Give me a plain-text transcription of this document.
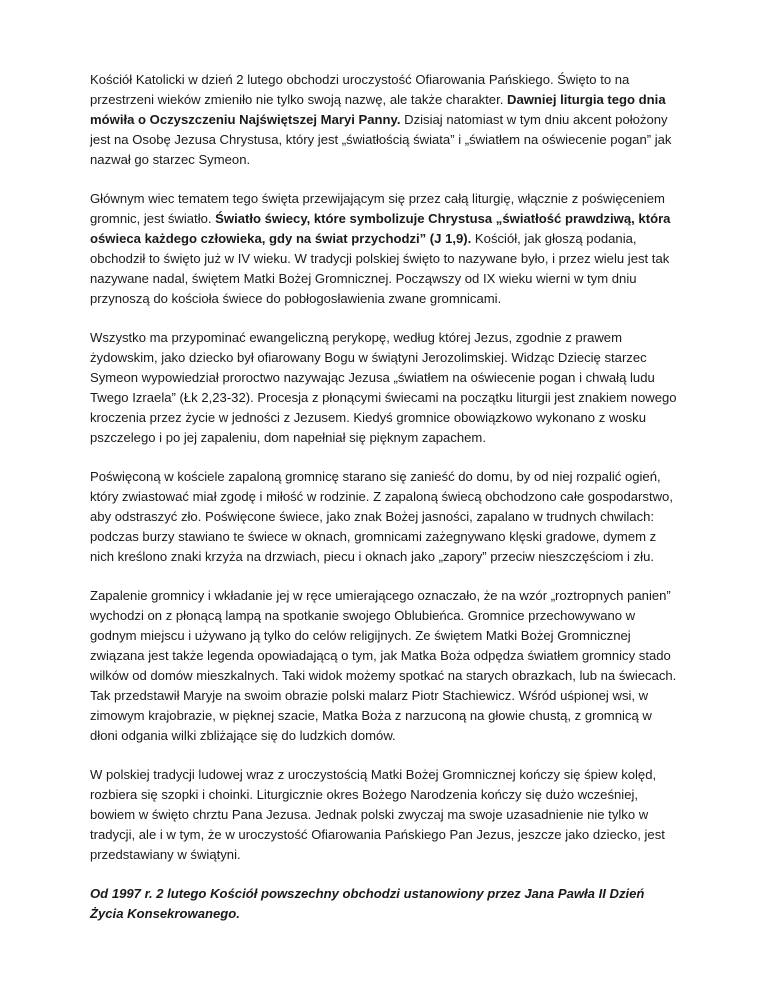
Kościół Katolicki w dzień 2 lutego obchodzi uroczystość Ofiarowania Pańskiego. Święto to na przestrzeni wieków zmieniło nie tylko swoją nazwę, ale także charakter. Dawniej liturgia tego dnia mówiła o Oczyszczeniu Najświętszej Maryi Panny. Dzisiaj natomiast w tym dniu akcent położony jest na Osobę Jezusa Chrystusa, który jest „światłością świata” i „światłem na oświecenie pogan” jak nazwał go starzec Symeon.

Głównym wiec tematem tego święta przewijającym się przez całą liturgię, włącznie z poświęceniem gromnic, jest światło. Światło świecy, które symbolizuje Chrystusa „światłość prawdziwą, która oświeca każdego człowieka, gdy na świat przychodzi” (J 1,9). Kościół, jak głoszą podania, obchodził to święto już w IV wieku. W tradycji polskiej święto to nazywane było, i przez wielu jest tak nazywane nadal, świętem Matki Bożej Gromnicznej. Począwszy od IX wieku wierni w tym dniu przynoszą do kościoła świece do pobłogosławienia zwane gromnicami.

Wszystko ma przypominać ewangeliczną perykopę, według której Jezus, zgodnie z prawem żydowskim, jako dziecko był ofiarowany Bogu w świątyni Jerozolimskiej. Widząc Dziecię starzec Symeon wypowiedział proroctwo nazywając Jezusa „światłem na oświecenie pogan i chwałą ludu Twego Izraela” (Łk 2,23-32). Procesja z płonącymi świecami na początku liturgii jest znakiem nowego kroczenia przez życie w jedności z Jezusem. Kiedyś gromnice obowiązkowo wykonano z wosku pszczelego i po jej zapaleniu, dom napełniał się pięknym zapachem.

Poświęconą w kościele zapaloną gromnicę starano się zanieść do domu, by od niej rozpalić ogień, który zwiastować miał zgodę i miłość w rodzinie. Z zapaloną świecą obchodzono całe gospodarstwo, aby odstraszyć zło. Poświęcone świece, jako znak Bożej jasności, zapalano w trudnych chwilach: podczas burzy stawiano te świece w oknach, gromnicami zażegnywano klęski gradowe, dymem z nich kreślono znaki krzyża na drzwiach, piecu i oknach jako „zapory” przeciw nieszczęściom i złu.

Zapalenie gromnicy i wkładanie jej w ręce umierającego oznaczało, że na wzór „roztropnych panien” wychodzi on z płonącą lampą na spotkanie swojego Oblubieńca. Gromnice przechowywano w godnym miejscu i używano ją tylko do celów religijnych. Ze świętem Matki Bożej Gromnicznej związana jest także legenda opowiadającą o tym, jak Matka Boża odpędza światłem gromnicy stado wilków od domów mieszkalnych. Taki widok możemy spotkać na starych obrazkach, lub na świecach. Tak przedstawił Maryje na swoim obrazie polski malarz Piotr Stachiewicz. Wśród uśpionej wsi, w zimowym krajobrazie, w pięknej szacie, Matka Boża z narzuconą na głowie chustą, z gromnicą w dłoni odgania wilki zbliżające się do ludzkich domów.

W polskiej tradycji ludowej wraz z uroczystością Matki Bożej Gromnicznej kończy się śpiew kolęd, rozbiera się szopki i choinki. Liturgicznie okres Bożego Narodzenia kończy się dużo wcześniej, bowiem w święto chrztu Pana Jezusa. Jednak polski zwyczaj ma swoje uzasadnienie nie tylko w tradycji, ale i w tym, że w uroczystość Ofiarowania Pańskiego Pan Jezus, jeszcze jako dziecko, jest przedstawiany w świątyni.

Od 1997 r. 2 lutego Kościół powszechny obchodzi ustanowiony przez Jana Pawła II Dzień Życia Konsekrowanego.
